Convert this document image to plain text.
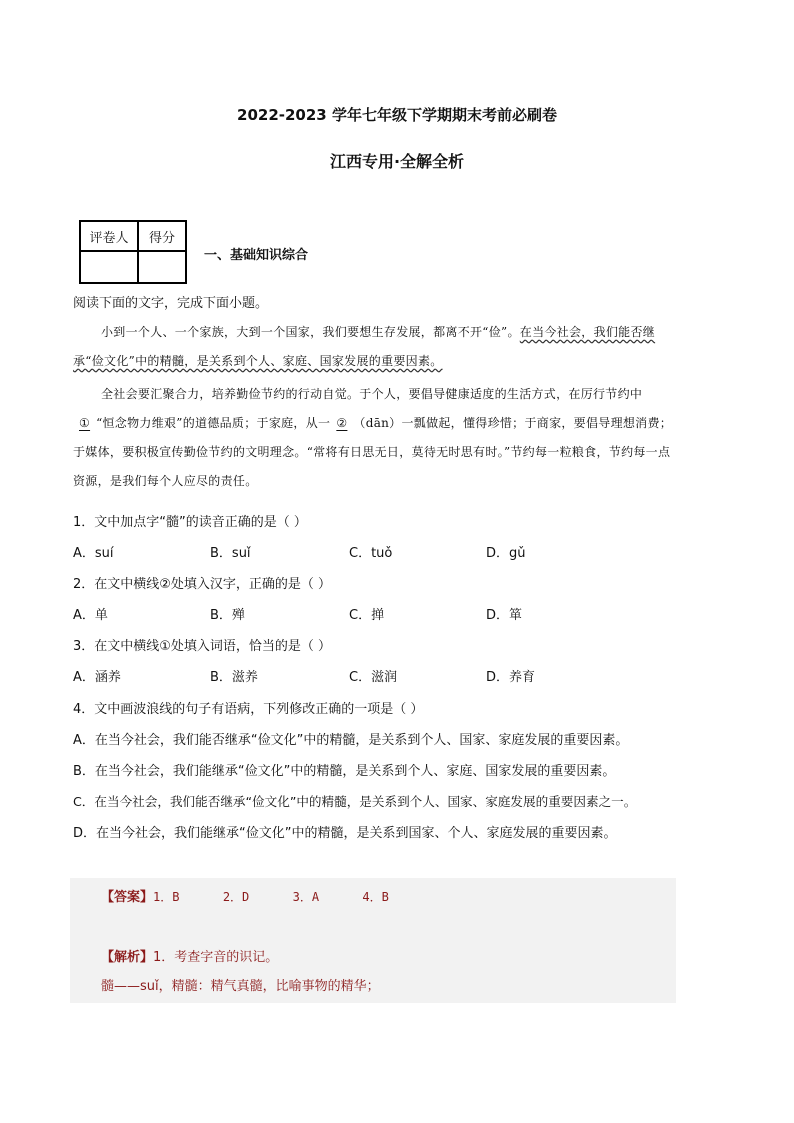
2022-2023 学年七年级下学期期末考前必刷卷
江西专用·全解全析
评卷人	得分

一、基础知识综合
阅读下面的文字，完成下面小题。
小到一个人、一个家族，大到一个国家，我们要想生存发展，都离不开“俭”。在当今社会，我们能否继承“俭文化”中的精髓，是关系到个人、家庭、国家发展的重要因素。
全社会要汇聚合力，培养勤俭节约的行动自觉。于个人，要倡导健康适度的生活方式，在厉行节约中① “恒念物力维艰”的道德品质；于家庭，从一 ② （dān）一瓢做起，懂得珍惜；于商家，要倡导理想消费；于媒体，要积极宣传勤俭节约的文明理念。“常将有日思无日，莫待无时思有时。”节约每一粒粮食，节约每一点资源，是我们每个人应尽的责任。
1．文中加点字“髓”的读音正确的是（ ）
A．suí	B．suǐ	C．tuǒ	D．gǔ
2．在文中横线②处填入汉字，正确的是（ ）
A．单	B．殚	C．掸	D．箪
3．在文中横线①处填入词语，恰当的是（ ）
A．涵养	B．滋养	C．滋润	D．养育
4．文中画波浪线的句子有语病，下列修改正确的一项是（ ）
A．在当今社会，我们能否继承“俭文化”中的精髓，是关系到个人、国家、家庭发展的重要因素。
B．在当今社会，我们能继承“俭文化”中的精髓，是关系到个人、家庭、国家发展的重要因素。
C．在当今社会，我们能否继承“俭文化”中的精髓，是关系到个人、国家、家庭发展的重要因素之一。
D．在当今社会，我们能继承“俭文化”中的精髓，是关系到国家、个人、家庭发展的重要因素。
【答案】1．B      2．D      3．A      4．B
【解析】1．考查字音的识记。
髓——suǐ，精髓：精气真髓，比喻事物的精华；
